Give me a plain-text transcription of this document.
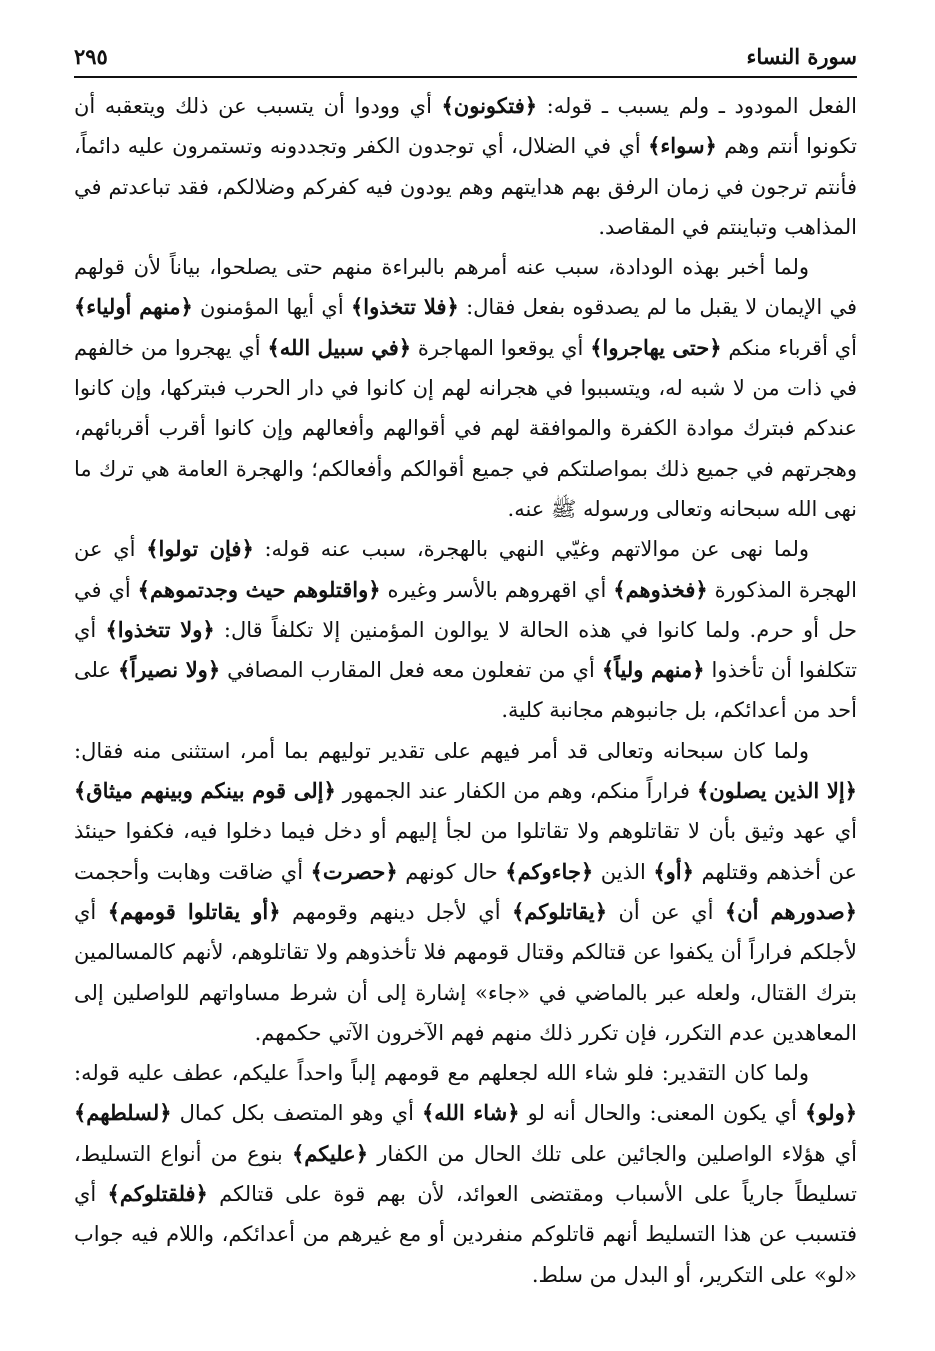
سورة النساء
٢٩٥

الفعل المودود ـ ولم يسبب ـ قوله: ﴿فتكونون﴾ أي وودوا أن يتسبب عن ذلك ويتعقبه أن تكونوا أنتم وهم ﴿سواء﴾ أي في الضلال، أي توجدون الكفر وتجددونه وتستمرون عليه دائماً، فأنتم ترجون في زمان الرفق بهم هدايتهم وهم يودون فيه كفركم وضلالكم، فقد تباعدتم في المذاهب وتباينتم في المقاصد.

ولما أخبر بهذه الودادة، سبب عنه أمرهم بالبراءة منهم حتى يصلحوا، بياناً لأن قولهم في الإيمان لا يقبل ما لم يصدقوه بفعل فقال: ﴿فلا تتخذوا﴾ أي أيها المؤمنون ﴿منهم أولياء﴾ أي أقرباء منكم ﴿حتى يهاجروا﴾ أي يوقعوا المهاجرة ﴿في سبيل الله﴾ أي يهجروا من خالفهم في ذات من لا شبه له، ويتسببوا في هجرانه لهم إن كانوا في دار الحرب فبتركها، وإن كانوا عندكم فبترك موادة الكفرة والموافقة لهم في أقوالهم وأفعالهم وإن كانوا أقرب أقربائهم، وهجرتهم في جميع ذلك بمواصلتكم في جميع أقوالكم وأفعالكم؛ والهجرة العامة هي ترك ما نهى الله سبحانه وتعالى ورسوله ﷺ عنه.

ولما نهى عن موالاتهم وغيّي النهي بالهجرة، سبب عنه قوله: ﴿فإن تولوا﴾ أي عن الهجرة المذكورة ﴿فخذوهم﴾ أي اقهروهم بالأسر وغيره ﴿واقتلوهم حيث وجدتموهم﴾ أي في حل أو حرم. ولما كانوا في هذه الحالة لا يوالون المؤمنين إلا تكلفاً قال: ﴿ولا تتخذوا﴾ أي تتكلفوا أن تأخذوا ﴿منهم ولياً﴾ أي من تفعلون معه فعل المقارب المصافي ﴿ولا نصيراً﴾ على أحد من أعدائكم، بل جانبوهم مجانبة كلية.

ولما كان سبحانه وتعالى قد أمر فيهم على تقدير توليهم بما أمر، استثنى منه فقال: ﴿إلا الذين يصلون﴾ فراراً منكم، وهم من الكفار عند الجمهور ﴿إلى قوم بينكم وبينهم ميثاق﴾ أي عهد وثيق بأن لا تقاتلوهم ولا تقاتلوا من لجأ إليهم أو دخل فيما دخلوا فيه، فكفوا حينئذ عن أخذهم وقتلهم ﴿أو﴾ الذين ﴿جاءوكم﴾ حال كونهم ﴿حصرت﴾ أي ضاقت وهابت وأحجمت ﴿صدورهم أن﴾ أي عن أن ﴿يقاتلوكم﴾ أي لأجل دينهم وقومهم ﴿أو يقاتلوا قومهم﴾ أي لأجلكم فراراً أن يكفوا عن قتالكم وقتال قومهم فلا تأخذوهم ولا تقاتلوهم، لأنهم كالمسالمين بترك القتال، ولعله عبر بالماضي في «جاء» إشارة إلى أن شرط مساواتهم للواصلين إلى المعاهدين عدم التكرر، فإن تكرر ذلك منهم فهم الآخرون الآتي حكمهم.

ولما كان التقدير: فلو شاء الله لجعلهم مع قومهم إلباً واحداً عليكم، عطف عليه قوله: ﴿ولو﴾ أي يكون المعنى: والحال أنه لو ﴿شاء الله﴾ أي وهو المتصف بكل كمال ﴿لسلطهم﴾ أي هؤلاء الواصلين والجائين على تلك الحال من الكفار ﴿عليكم﴾ بنوع من أنواع التسليط، تسليطاً جارياً على الأسباب ومقتضى العوائد، لأن بهم قوة على قتالكم ﴿فلقتلوكم﴾ أي فتسبب عن هذا التسليط أنهم قاتلوكم منفردين أو مع غيرهم من أعدائكم، واللام فيه جواب «لو» على التكرير، أو البدل من سلط.
